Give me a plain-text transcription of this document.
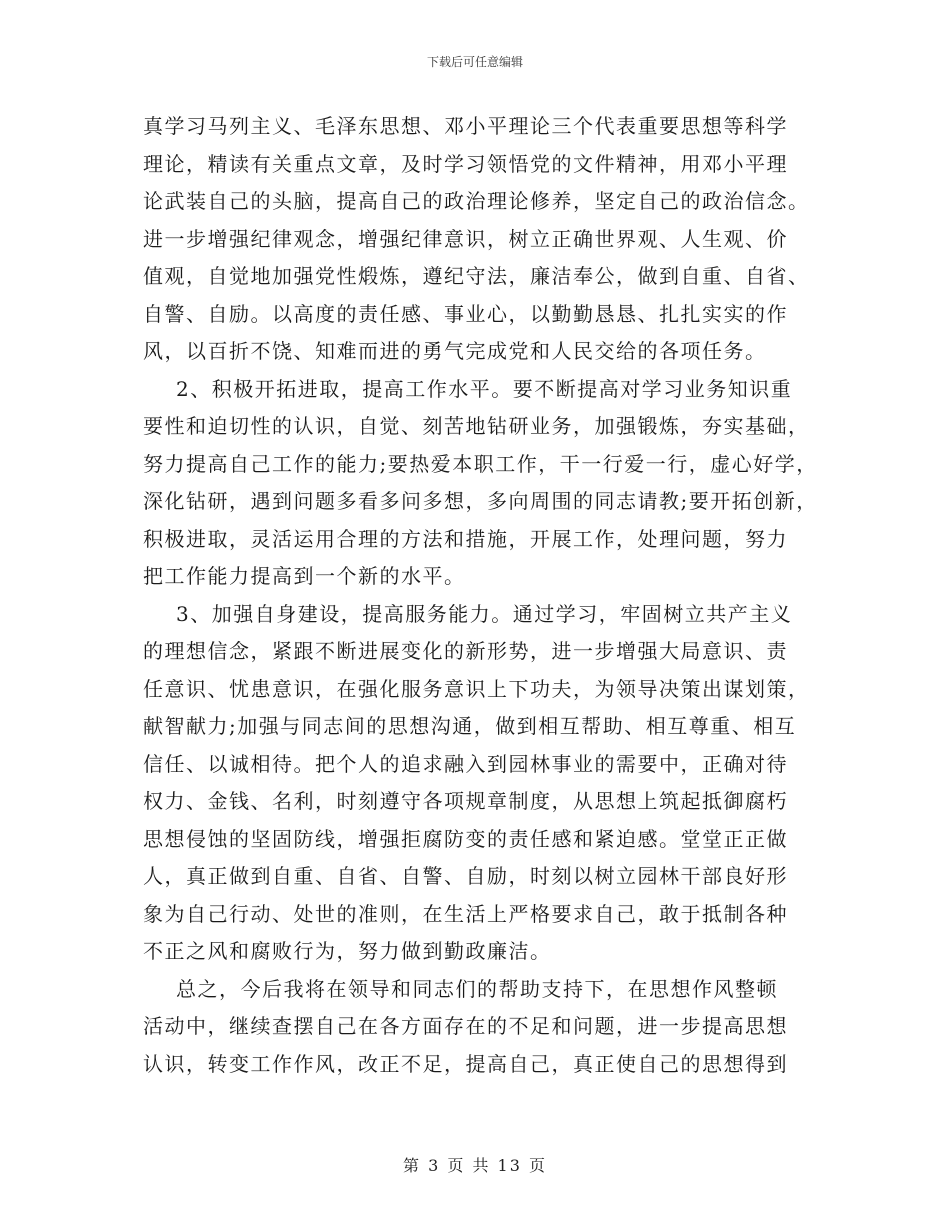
下载后可任意编辑
真学习马列主义、毛泽东思想、邓小平理论三个代表重要思想等科学
理论，精读有关重点文章，及时学习领悟党的文件精神，用邓小平理
论武装自己的头脑，提高自己的政治理论修养，坚定自己的政治信念。
进一步增强纪律观念，增强纪律意识，树立正确世界观、人生观、价
值观，自觉地加强党性煅炼，遵纪守法，廉洁奉公，做到自重、自省、
自警、自励。以高度的责任感、事业心，以勤勤恳恳、扎扎实实的作
风，以百折不饶、知难而进的勇气完成党和人民交给的各项任务。
2、积极开拓进取，提高工作水平。要不断提高对学习业务知识重
要性和迫切性的认识，自觉、刻苦地钻研业务，加强锻炼，夯实基础，
努力提高自己工作的能力;要热爱本职工作，干一行爱一行，虚心好学，
深化钻研，遇到问题多看多问多想，多向周围的同志请教;要开拓创新，
积极进取，灵活运用合理的方法和措施，开展工作，处理问题，努力
把工作能力提高到一个新的水平。
3、加强自身建设，提高服务能力。通过学习，牢固树立共产主义
的理想信念，紧跟不断进展变化的新形势，进一步增强大局意识、责
任意识、忧患意识，在强化服务意识上下功夫，为领导决策出谋划策，
献智献力;加强与同志间的思想沟通，做到相互帮助、相互尊重、相互
信任、以诚相待。把个人的追求融入到园林事业的需要中，正确对待
权力、金钱、名利，时刻遵守各项规章制度，从思想上筑起抵御腐朽
思想侵蚀的坚固防线，增强拒腐防变的责任感和紧迫感。堂堂正正做
人，真正做到自重、自省、自警、自励，时刻以树立园林干部良好形
象为自己行动、处世的准则，在生活上严格要求自己，敢于抵制各种
不正之风和腐败行为，努力做到勤政廉洁。
总之，今后我将在领导和同志们的帮助支持下，在思想作风整顿
活动中，继续查摆自己在各方面存在的不足和问题，进一步提高思想
认识，转变工作作风，改正不足，提高自己，真正使自己的思想得到
第 3 页 共 13 页
